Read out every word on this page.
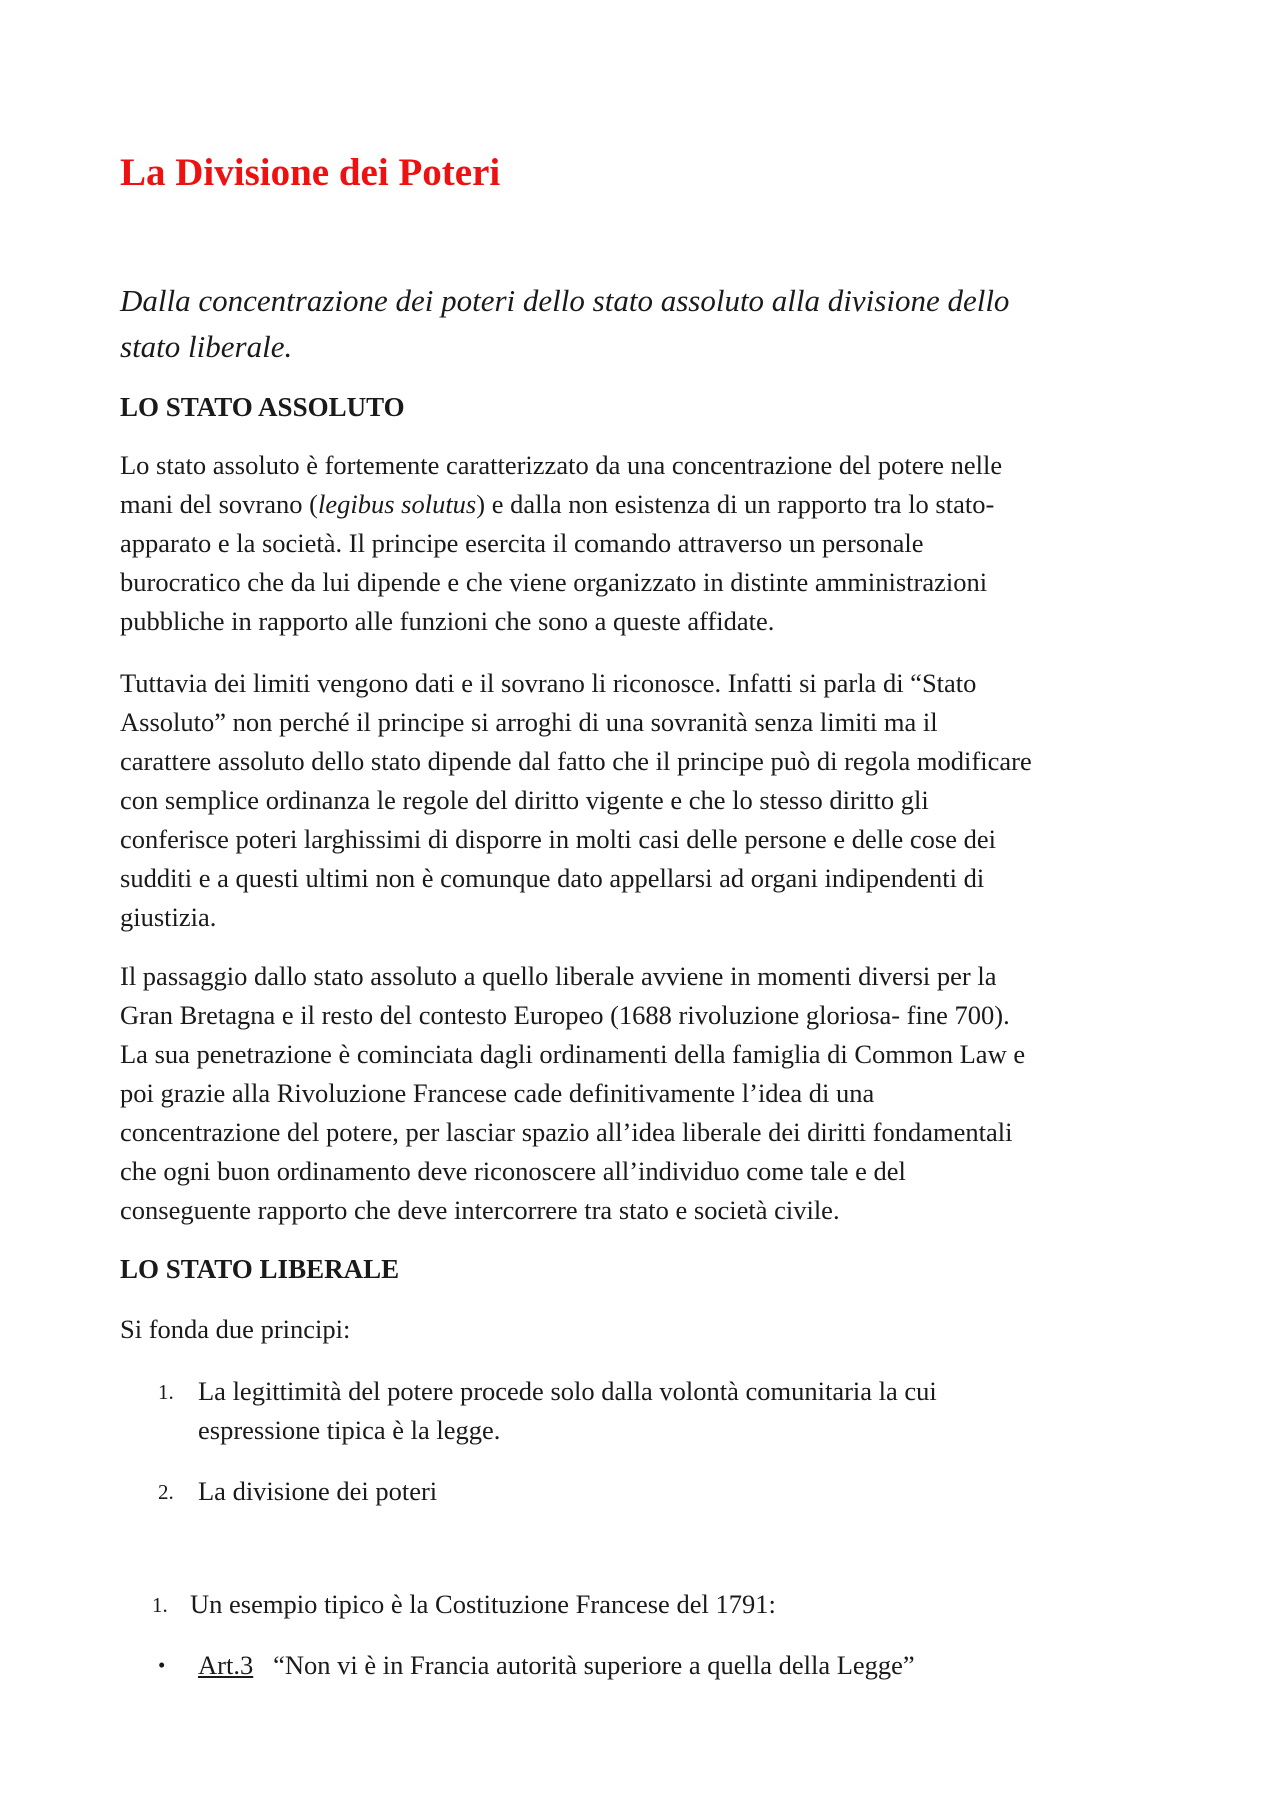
La Divisione dei Poteri

Dalla concentrazione dei poteri dello stato assoluto alla divisione dello
stato liberale.

LO STATO ASSOLUTO
Lo stato assoluto è fortemente caratterizzato da una concentrazione del potere nelle
mani del sovrano (legibus solutus) e dalla non esistenza di un rapporto tra lo stato-
apparato e la società. Il principe esercita il comando attraverso un personale
burocratico che da lui dipende e che viene organizzato in distinte amministrazioni
pubbliche in rapporto alle funzioni che sono a queste affidate.
Tuttavia dei limiti vengono dati e il sovrano li riconosce. Infatti si parla di “Stato
Assoluto” non perché il principe si arroghi di una sovranità senza limiti ma il
carattere assoluto dello stato dipende dal fatto che il principe può di regola modificare
con semplice ordinanza le regole del diritto vigente e che lo stesso diritto gli
conferisce poteri larghissimi di disporre in molti casi delle persone e delle cose dei
sudditi e a questi ultimi non è comunque dato appellarsi ad organi indipendenti di
giustizia.
Il passaggio dallo stato assoluto a quello liberale avviene in momenti diversi per la
Gran Bretagna e il resto del contesto Europeo (1688 rivoluzione gloriosa- fine 700).
La sua penetrazione è cominciata dagli ordinamenti della famiglia di Common Law e
poi grazie alla Rivoluzione Francese cade definitivamente l’idea di una
concentrazione del potere, per lasciar spazio all’idea liberale dei diritti fondamentali
che ogni buon ordinamento deve riconoscere all’individuo come tale e del
conseguente rapporto che deve intercorrere tra stato e società civile.
LO STATO LIBERALE

Si fonda due principi:

1. La legittimità del potere procede solo dalla volontà comunitaria la cui
espressione tipica è la legge.
2. La divisione dei poteri
1. Un esempio tipico è la Costituzione Francese del 1791:
• Art.3 “Non vi è in Francia autorità superiore a quella della Legge”
